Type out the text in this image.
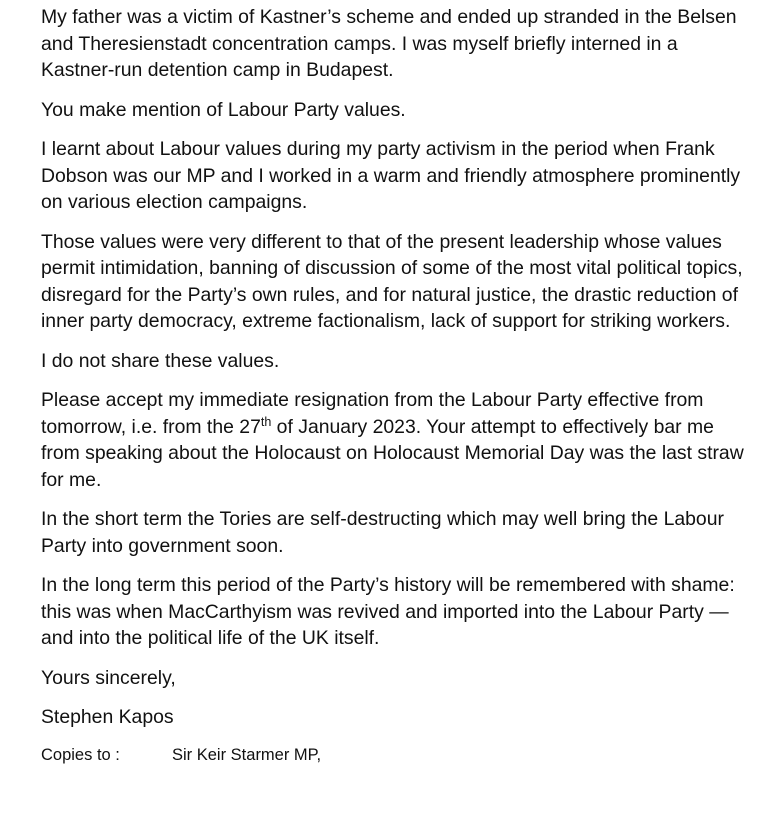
My father was a victim of Kastner’s scheme and ended up stranded in the Belsen and Theresienstadt concentration camps. I was myself briefly interned in a Kastner-run detention camp in Budapest.

You make mention of Labour Party values.

I learnt about Labour values during my party activism in the period when Frank Dobson was our MP and I worked in a warm and friendly atmosphere prominently on various election campaigns.

Those values were very different to that of the present leadership whose values permit intimidation, banning of discussion of some of the most vital political topics, disregard for the Party’s own rules, and for natural justice, the drastic reduction of inner party democracy, extreme factionalism, lack of support for striking workers.

I do not share these values.

Please accept my immediate resignation from the Labour Party effective from tomorrow, i.e. from the 27th of January 2023. Your attempt to effectively bar me from speaking about the Holocaust on Holocaust Memorial Day was the last straw for me.

In the short term the Tories are self-destructing which may well bring the Labour Party into government soon.

In the long term this period of the Party’s history will be remembered with shame: this was when MacCarthyism was revived and imported into the Labour Party — and into the political life of the UK itself.

Yours sincerely,

Stephen Kapos

Copies to :	Sir Keir Starmer MP,
